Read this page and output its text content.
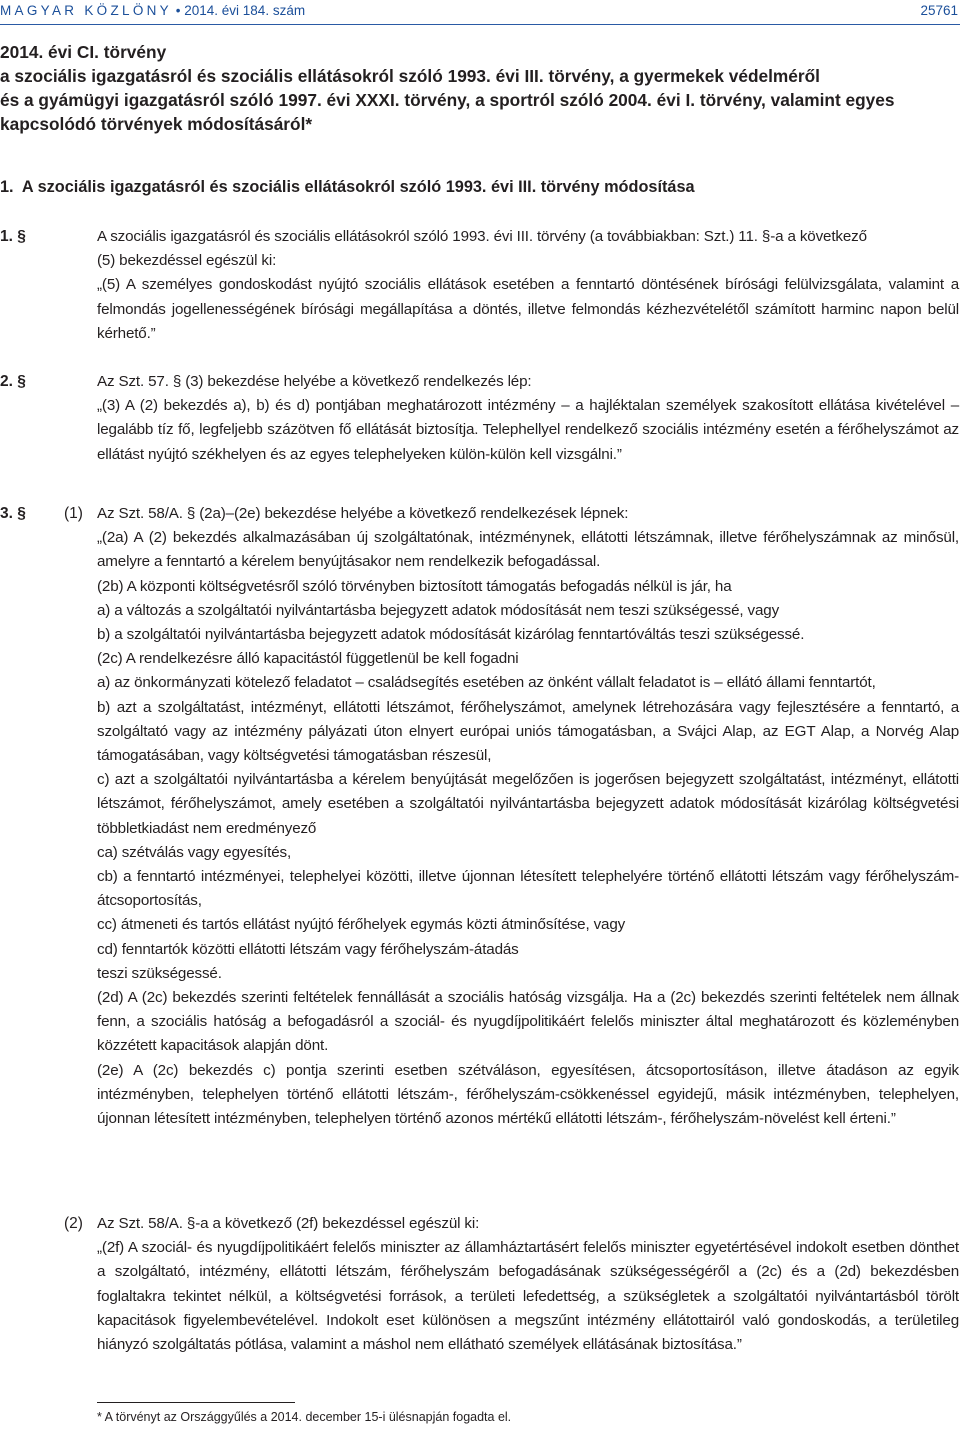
MAGYAR KÖZLÖNY • 2014. évi 184. szám	25761
2014. évi CI. törvény
a szociális igazgatásról és szociális ellátásokról szóló 1993. évi III. törvény, a gyermekek védelméről
és a gyámügyi igazgatásról szóló 1997. évi XXXI. törvény, a sportról szóló 2004. évi I. törvény, valamint egyes
kapcsolódó törvények módosításáról*
1. A szociális igazgatásról és szociális ellátásokról szóló 1993. évi III. törvény módosítása
1. §	A szociális igazgatásról és szociális ellátásokról szóló 1993. évi III. törvény (a továbbiakban: Szt.) 11. §-a a következő

(5) bekezdéssel egészül ki:

„(5) A személyes gondoskodást nyújtó szociális ellátások esetében a fenntartó döntésének bírósági felülvizsgálata, valamint a felmondás jogellenességének bírósági megállapítása a döntés, illetve felmondás kézhezvételétől számított harminc napon belül kérhető.”

2. §	Az Szt. 57. § (3) bekezdése helyébe a következő rendelkezés lép:

„(3) A (2) bekezdés a), b) és d) pontjában meghatározott intézmény – a hajléktalan személyek szakosított ellátása kivételével – legalább tíz fő, legfeljebb százötven fő ellátását biztosítja. Telephellyel rendelkező szociális intézmény esetén a férőhelyszámot az ellátást nyújtó székhelyen és az egyes telephelyeken külön-külön kell vizsgálni.”

3. § (1) Az Szt. 58/A. § (2a)–(2e) bekezdése helyébe a következő rendelkezések lépnek:

„(2a) A (2) bekezdés alkalmazásában új szolgáltatónak, intézménynek, ellátotti létszámnak, illetve férőhelyszámnak az minősül, amelyre a fenntartó a kérelem benyújtásakor nem rendelkezik befogadással.

(2b) A központi költségvetésről szóló törvényben biztosított támogatás befogadás nélkül is jár, ha

a) a változás a szolgáltatói nyilvántartásba bejegyzett adatok módosítását nem teszi szükségessé, vagy

b) a szolgáltatói nyilvántartásba bejegyzett adatok módosítását kizárólag fenntartóváltás teszi szükségessé.

(2c) A rendelkezésre álló kapacitástól függetlenül be kell fogadni

a) az önkormányzati kötelező feladatot – családsegítés esetében az önként vállalt feladatot is – ellátó állami fenntartót,

b) azt a szolgáltatást, intézményt, ellátotti létszámot, férőhelyszámot, amelynek létrehozására vagy fejlesztésére a fenntartó, a szolgáltató vagy az intézmény pályázati úton elnyert európai uniós támogatásban, a Svájci Alap, az EGT Alap, a Norvég Alap támogatásában, vagy költségvetési támogatásban részesül,

c) azt a szolgáltatói nyilvántartásba a kérelem benyújtását megelőzően is jogerősen bejegyzett szolgáltatást, intézményt, ellátotti létszámot, férőhelyszámot, amely esetében a szolgáltatói nyilvántartásba bejegyzett adatok módosítását kizárólag költségvetési többletkiadást nem eredményező

ca) szétválás vagy egyesítés,

cb) a fenntartó intézményei, telephelyei közötti, illetve újonnan létesített telephelyére történő ellátotti létszám vagy férőhelyszám-átcsoportosítás,

cc) átmeneti és tartós ellátást nyújtó férőhelyek egymás közti átminősítése, vagy

cd) fenntartók közötti ellátotti létszám vagy férőhelyszám-átadás

teszi szükségessé.

(2d) A (2c) bekezdés szerinti feltételek fennállását a szociális hatóság vizsgálja. Ha a (2c) bekezdés szerinti feltételek nem állnak fenn, a szociális hatóság a befogadásról a szociál- és nyugdíjpolitikáért felelős miniszter által meghatározott és közleményben közzétett kapacitások alapján dönt.

(2e) A (2c) bekezdés c) pontja szerinti esetben szétváláson, egyesítésen, átcsoportosításon, illetve átadáson az egyik intézményben, telephelyen történő ellátotti létszám-, férőhelyszám-csökkenéssel egyidejű, másik intézményben, telephelyen, újonnan létesített intézményben, telephelyen történő azonos mértékű ellátotti létszám-, férőhelyszám-növelést kell érteni.”

(2) Az Szt. 58/A. §-a a következő (2f) bekezdéssel egészül ki:

„(2f) A szociál- és nyugdíjpolitikáért felelős miniszter az államháztartásért felelős miniszter egyetértésével indokolt esetben dönthet a szolgáltató, intézmény, ellátotti létszám, férőhelyszám befogadásának szükségességéről a (2c) és a (2d) bekezdésben foglaltakra tekintet nélkül, a költségvetési források, a területi lefedettség, a szükségletek a szolgáltatói nyilvántartásból törölt kapacitások figyelembevételével. Indokolt eset különösen a megszűnt intézmény ellátottairól való gondoskodás, a területileg hiányzó szolgáltatás pótlása, valamint a máshol nem ellátható személyek ellátásának biztosítása.”

* A törvényt az Országgyűlés a 2014. december 15-i ülésnapján fogadta el.
